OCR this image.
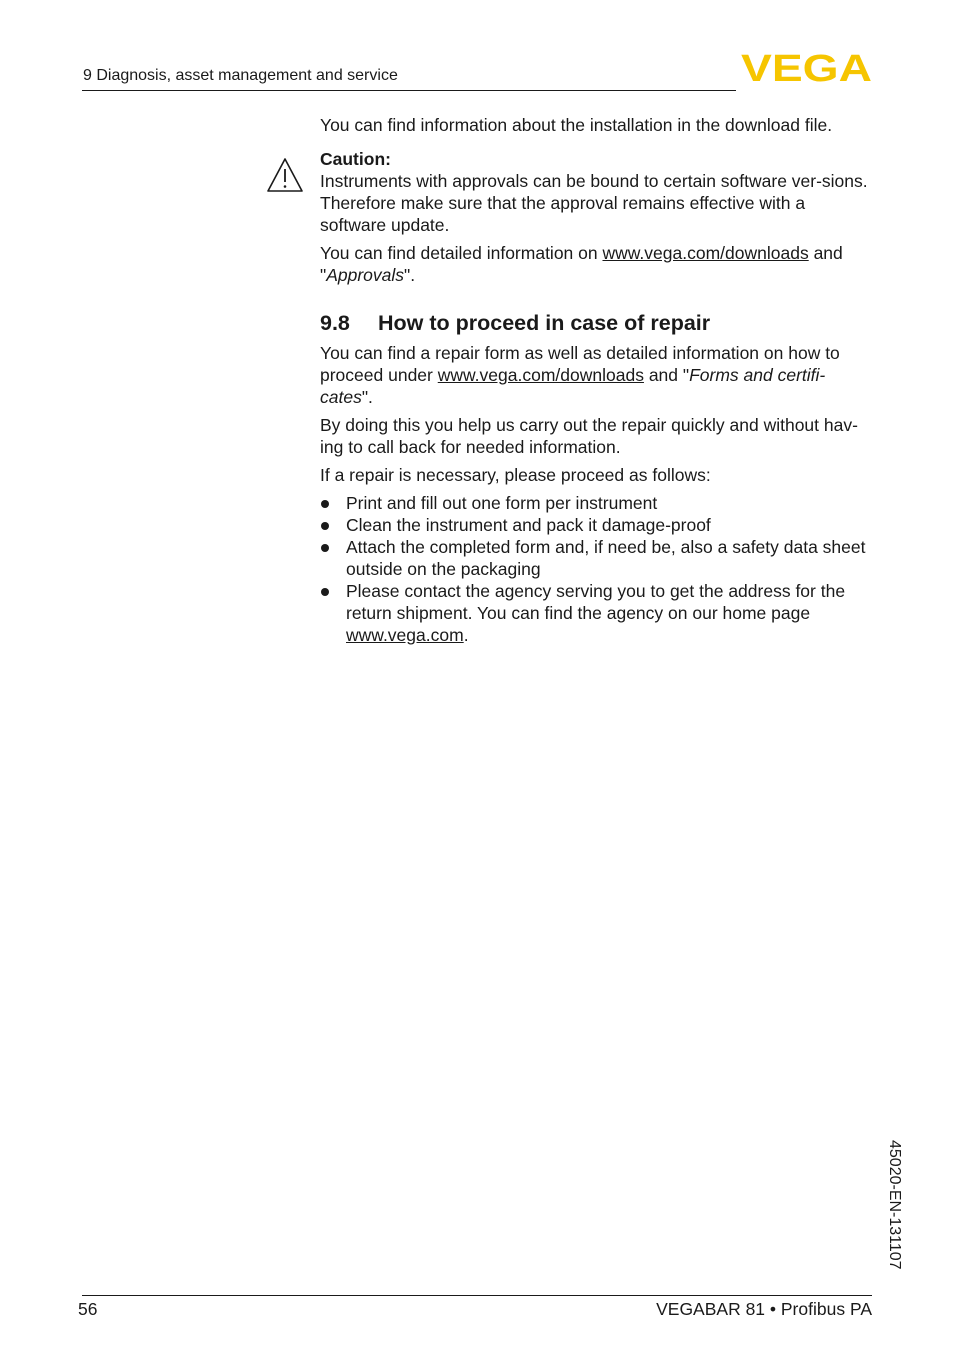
9 Diagnosis, asset management and service	VEGA

You can find information about the installation in the download file.

Caution:

Instruments with approvals can be bound to certain software ver-sions. Therefore make sure that the approval remains effective with a software update.

You can find detailed information on www.vega.com/downloads and "Approvals".

9.8 How to proceed in case of repair

You can find a repair form as well as detailed information on how to proceed under www.vega.com/downloads and "Forms and certifi-cates".

By doing this you help us carry out the repair quickly and without hav-ing to call back for needed information.

If a repair is necessary, please proceed as follows:

Print and fill out one form per instrument
Clean the instrument and pack it damage-proof
Attach the completed form and, if need be, also a safety data sheet outside on the packaging
Please contact the agency serving you to get the address for the return shipment. You can find the agency on our home page www.vega.com.
45020-EN-131107
56	VEGABAR 81 • Profibus PA
